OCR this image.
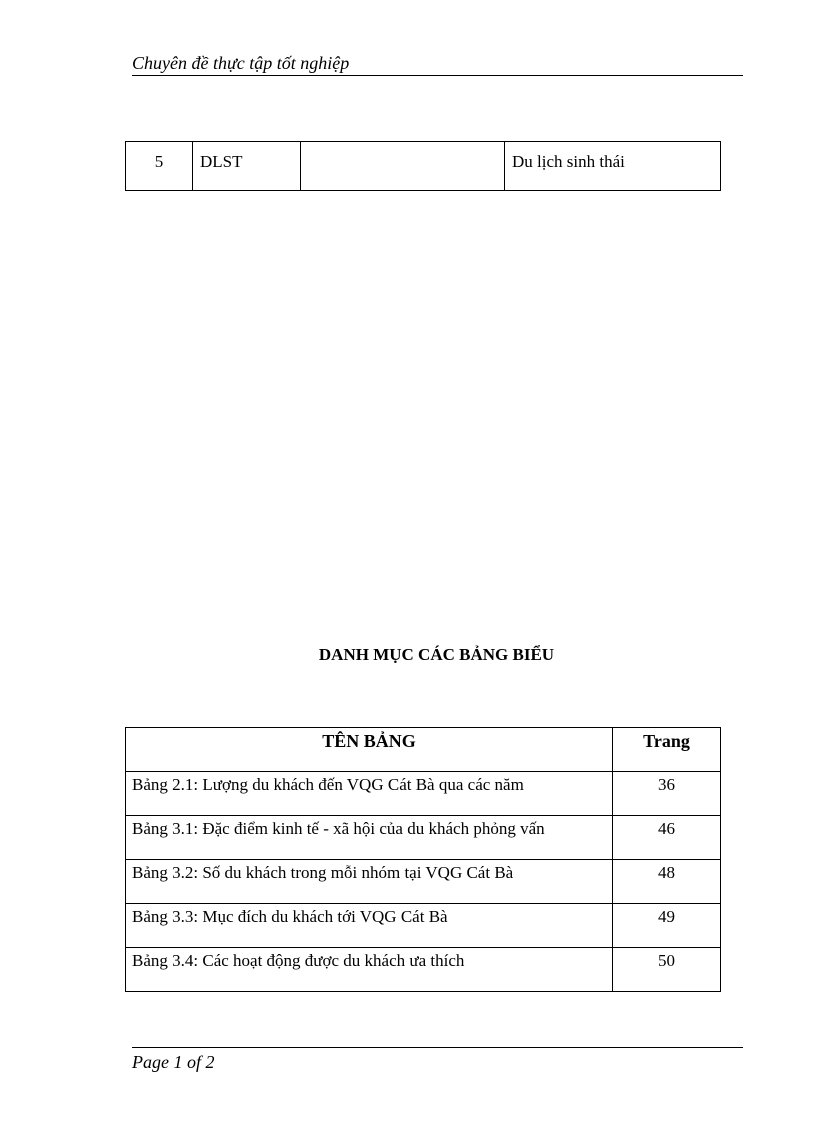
Chuyên đề thực tập tốt nghiệp
5	DLST		Du lịch sinh thái
DANH MỤC CÁC BẢNG BIỂU
TÊN BẢNG	Trang
Bảng 2.1: Lượng du khách đến VQG Cát Bà qua các năm	36
Bảng 3.1: Đặc điểm kinh tế - xã hội của du khách phỏng vấn	46
Bảng 3.2: Số du khách trong mỗi nhóm tại VQG Cát Bà	48
Bảng 3.3: Mục đích du khách tới VQG Cát Bà	49
Bảng 3.4: Các hoạt động được du khách ưa thích	50
Page 1 of 2
